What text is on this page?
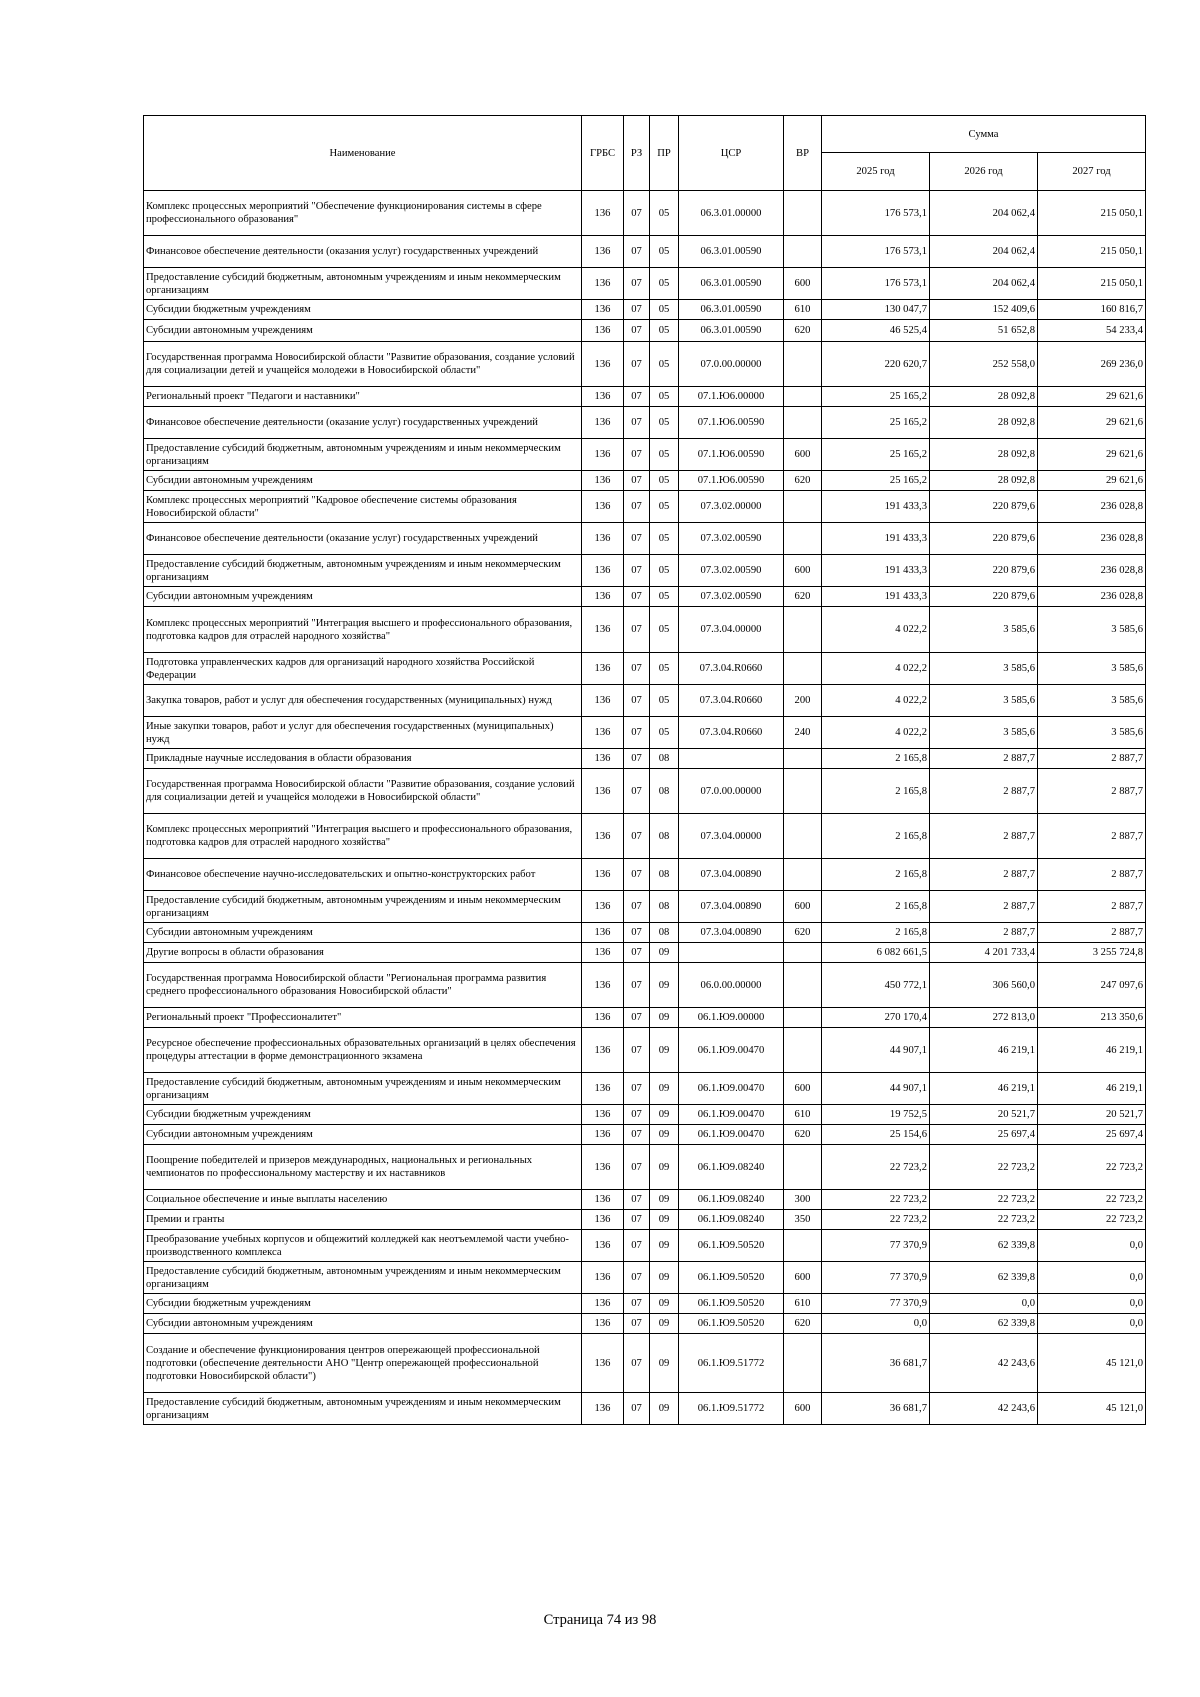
Наименование	ГРБС	РЗ	ПР	ЦСР	ВР	Сумма		
						2025 год	2026 год	2027 год
Комплекс процессных мероприятий "Обеспечение функционирования системы в сфере профессионального образования"	136	07	05	06.3.01.00000		176 573,1	204 062,4	215 050,1
Финансовое обеспечение деятельности (оказания услуг) государственных учреждений	136	07	05	06.3.01.00590		176 573,1	204 062,4	215 050,1
Предоставление субсидий бюджетным, автономным учреждениям и иным некоммерческим организациям	136	07	05	06.3.01.00590	600	176 573,1	204 062,4	215 050,1
Субсидии бюджетным учреждениям	136	07	05	06.3.01.00590	610	130 047,7	152 409,6	160 816,7
Субсидии автономным учреждениям	136	07	05	06.3.01.00590	620	46 525,4	51 652,8	54 233,4
Государственная программа Новосибирской области "Развитие образования, создание условий для социализации детей и учащейся молодежи в Новосибирской области"	136	07	05	07.0.00.00000		220 620,7	252 558,0	269 236,0
Региональный проект "Педагоги и наставники"	136	07	05	07.1.Ю6.00000		25 165,2	28 092,8	29 621,6
Финансовое обеспечение деятельности (оказание услуг) государственных учреждений	136	07	05	07.1.Ю6.00590		25 165,2	28 092,8	29 621,6
Предоставление субсидий бюджетным, автономным учреждениям и иным некоммерческим организациям	136	07	05	07.1.Ю6.00590	600	25 165,2	28 092,8	29 621,6
Субсидии автономным учреждениям	136	07	05	07.1.Ю6.00590	620	25 165,2	28 092,8	29 621,6
Комплекс процессных мероприятий "Кадровое обеспечение системы образования Новосибирской области"	136	07	05	07.3.02.00000		191 433,3	220 879,6	236 028,8
Финансовое обеспечение деятельности (оказание услуг) государственных учреждений	136	07	05	07.3.02.00590		191 433,3	220 879,6	236 028,8
Предоставление субсидий бюджетным, автономным учреждениям и иным некоммерческим организациям	136	07	05	07.3.02.00590	600	191 433,3	220 879,6	236 028,8
Субсидии автономным учреждениям	136	07	05	07.3.02.00590	620	191 433,3	220 879,6	236 028,8
Комплекс процессных мероприятий "Интеграция высшего и профессионального образования, подготовка кадров для отраслей народного хозяйства"	136	07	05	07.3.04.00000		4 022,2	3 585,6	3 585,6
Подготовка управленческих кадров для организаций народного хозяйства Российской Федерации	136	07	05	07.3.04.R0660		4 022,2	3 585,6	3 585,6
Закупка товаров, работ и услуг для обеспечения государственных (муниципальных) нужд	136	07	05	07.3.04.R0660	200	4 022,2	3 585,6	3 585,6
Иные закупки товаров, работ и услуг для обеспечения государственных (муниципальных) нужд	136	07	05	07.3.04.R0660	240	4 022,2	3 585,6	3 585,6
Прикладные научные исследования в области образования	136	07	08			2 165,8	2 887,7	2 887,7
Государственная программа Новосибирской области "Развитие образования, создание условий для социализации детей и учащейся молодежи в Новосибирской области"	136	07	08	07.0.00.00000		2 165,8	2 887,7	2 887,7
Комплекс процессных мероприятий "Интеграция высшего и профессионального образования, подготовка кадров для отраслей народного хозяйства"	136	07	08	07.3.04.00000		2 165,8	2 887,7	2 887,7
Финансовое обеспечение научно-исследовательских и опытно-конструкторских работ	136	07	08	07.3.04.00890		2 165,8	2 887,7	2 887,7
Предоставление субсидий бюджетным, автономным учреждениям и иным некоммерческим организациям	136	07	08	07.3.04.00890	600	2 165,8	2 887,7	2 887,7
Субсидии автономным учреждениям	136	07	08	07.3.04.00890	620	2 165,8	2 887,7	2 887,7
Другие вопросы в области образования	136	07	09			6 082 661,5	4 201 733,4	3 255 724,8
Государственная программа Новосибирской области "Региональная программа развития среднего профессионального образования Новосибирской области"	136	07	09	06.0.00.00000		450 772,1	306 560,0	247 097,6
Региональный проект "Профессионалитет"	136	07	09	06.1.Ю9.00000		270 170,4	272 813,0	213 350,6
Ресурсное обеспечение профессиональных образовательных организаций в целях обеспечения процедуры аттестации в форме демонстрационного экзамена	136	07	09	06.1.Ю9.00470		44 907,1	46 219,1	46 219,1
Предоставление субсидий бюджетным, автономным учреждениям и иным некоммерческим организациям	136	07	09	06.1.Ю9.00470	600	44 907,1	46 219,1	46 219,1
Субсидии бюджетным учреждениям	136	07	09	06.1.Ю9.00470	610	19 752,5	20 521,7	20 521,7
Субсидии автономным учреждениям	136	07	09	06.1.Ю9.00470	620	25 154,6	25 697,4	25 697,4
Поощрение победителей и призеров международных, национальных и региональных чемпионатов по профессиональному мастерству и их наставников	136	07	09	06.1.Ю9.08240		22 723,2	22 723,2	22 723,2
Социальное обеспечение и иные выплаты населению	136	07	09	06.1.Ю9.08240	300	22 723,2	22 723,2	22 723,2
Премии и гранты	136	07	09	06.1.Ю9.08240	350	22 723,2	22 723,2	22 723,2
Преобразование учебных корпусов и общежитий колледжей как неотъемлемой части учебно-производственного комплекса	136	07	09	06.1.Ю9.50520		77 370,9	62 339,8	0,0
Предоставление субсидий бюджетным, автономным учреждениям и иным некоммерческим организациям	136	07	09	06.1.Ю9.50520	600	77 370,9	62 339,8	0,0
Субсидии бюджетным учреждениям	136	07	09	06.1.Ю9.50520	610	77 370,9	0,0	0,0
Субсидии автономным учреждениям	136	07	09	06.1.Ю9.50520	620	0,0	62 339,8	0,0
Создание и обеспечение функционирования центров опережающей профессиональной подготовки (обеспечение деятельности АНО "Центр опережающей профессиональной подготовки Новосибирской области")	136	07	09	06.1.Ю9.51772		36 681,7	42 243,6	45 121,0
Предоставление субсидий бюджетным, автономным учреждениям и иным некоммерческим организациям	136	07	09	06.1.Ю9.51772	600	36 681,7	42 243,6	45 121,0
Страница 74 из 98
